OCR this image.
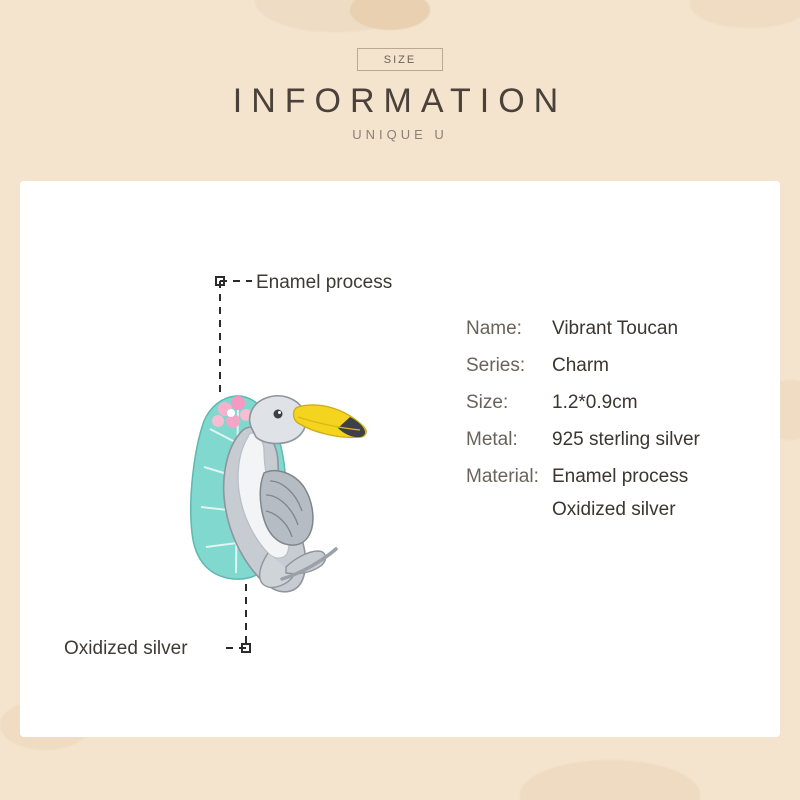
SIZE
INFORMATION
UNIQUE U
Name:	Vibrant Toucan
Series:	Charm
Size:	1.2*0.9cm
Metal:	925 sterling silver
Material: Enamel process
Oxidized silver
Enamel process
Oxidized silver
